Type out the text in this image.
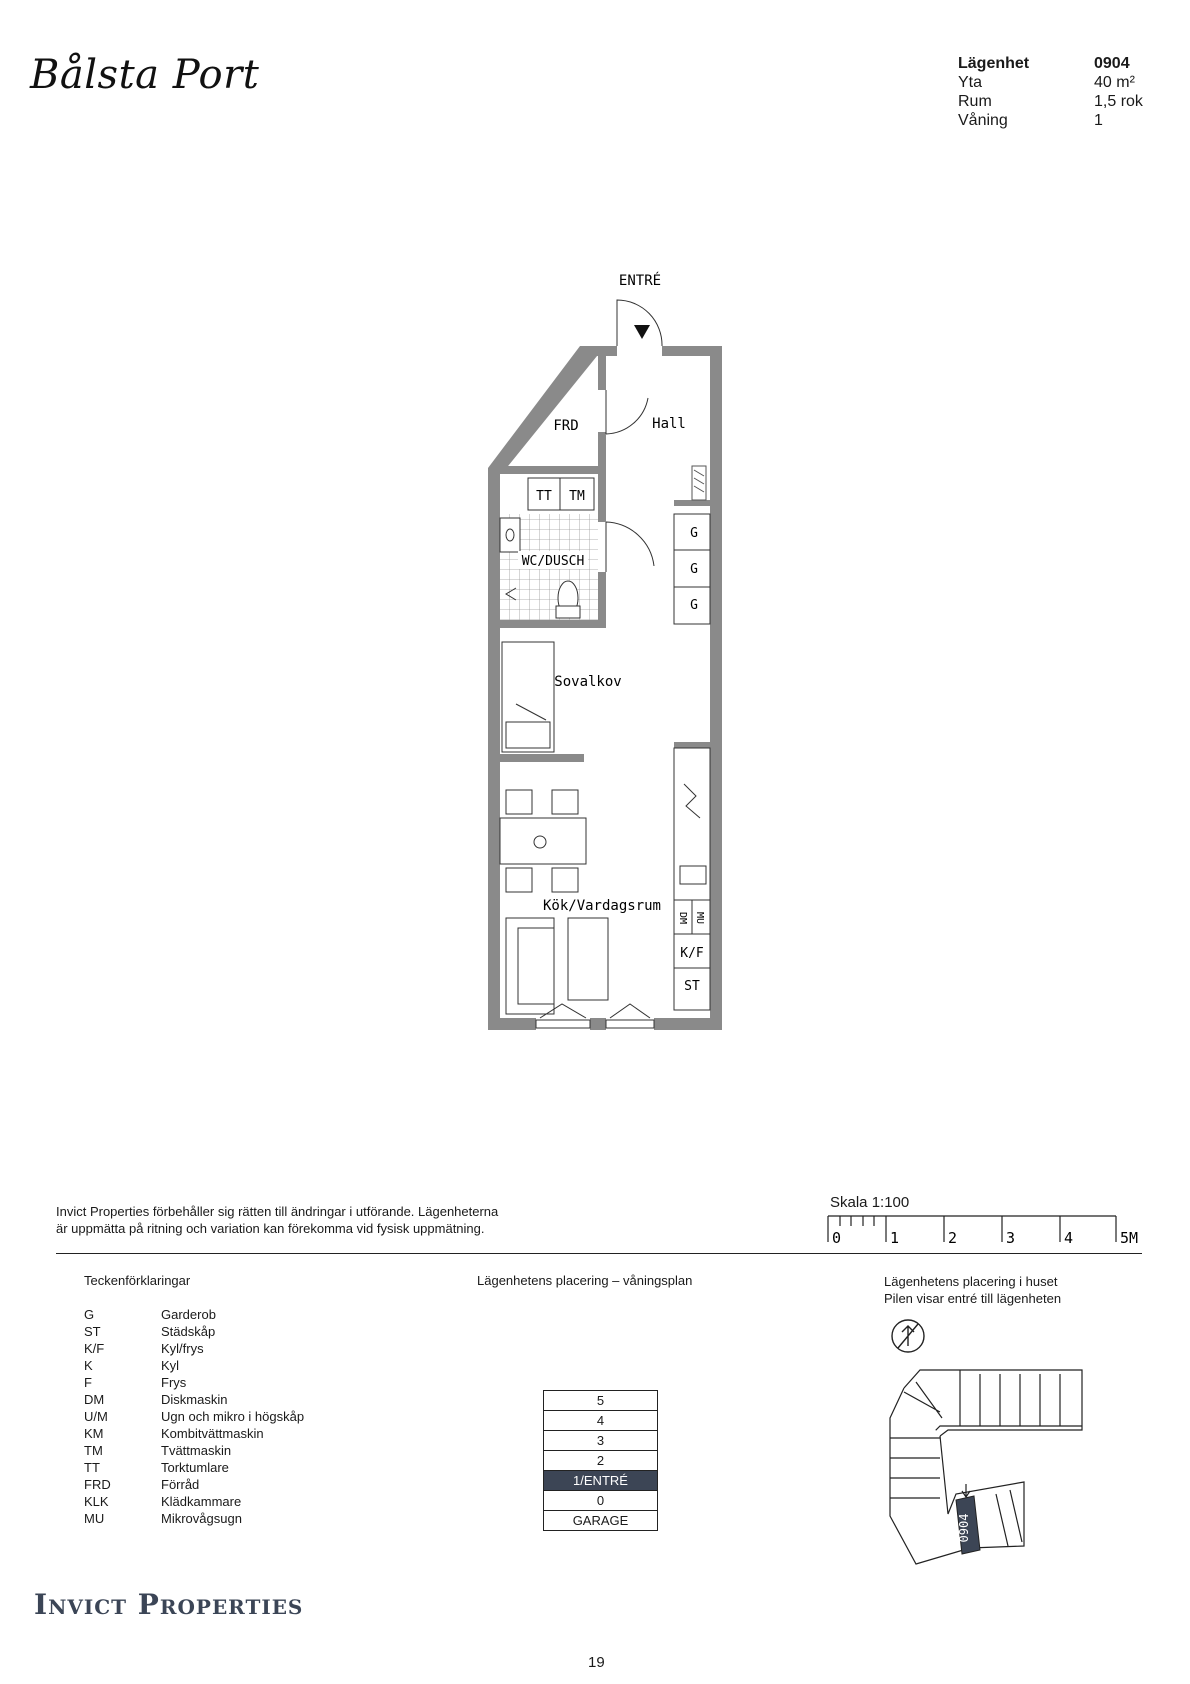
Bålsta Port	Lägenhet	0904
Yta	40 m²
Rum	1,5 rok
Våning	1
ENTRÉ
FRD	Hall
TT TM
WC/DUSCH
G
G
G
Sovalkov
Kök/Vardagsrum
DM MU
K/F
ST
Invict Properties förbehåller sig rätten till ändringar i utförande. Lägenheterna
är uppmätta på ritning och variation kan förekomma vid fysisk uppmätning.
Skala 1:100
0	1	2	3	4	5M
Teckenförklaringar
G	Garderob
ST	Städskåp
K/F	Kyl/frys
K	Kyl
F	Frys
DM	Diskmaskin
U/M	Ugn och mikro i högskåp
KM	Kombitvättmaskin
TM	Tvättmaskin
TT	Torktumlare
FRD	Förråd
KLK	Klädkammare
MU	Mikrovågsugn
Lägenhetens placering – våningsplan
5
4
3
2
1/ENTRÉ
0
GARAGE
Lägenhetens placering i huset
Pilen visar entré till lägenheten
0904
Invict Properties
19
